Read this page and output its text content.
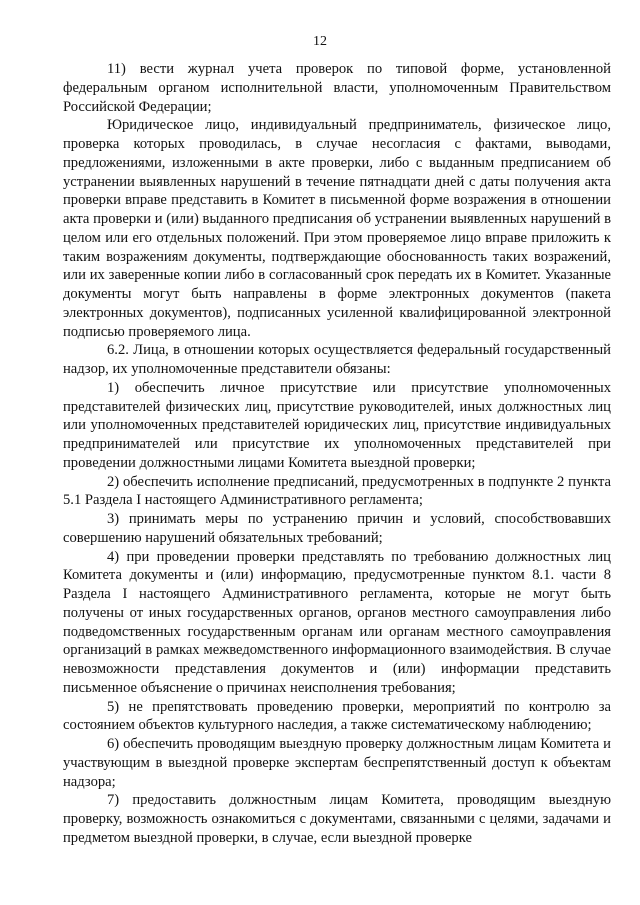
12

11) вести журнал учета проверок по типовой форме, установленной федеральным органом исполнительной власти, уполномоченным Правительством Российской Федерации;

Юридическое лицо, индивидуальный предприниматель, физическое лицо, проверка которых проводилась, в случае несогласия с фактами, выводами, предложениями, изложенными в акте проверки, либо с выданным предписанием об устранении выявленных нарушений в течение пятнадцати дней с даты получения акта проверки вправе представить в Комитет в письменной форме возражения в отношении акта проверки и (или) выданного предписания об устранении выявленных нарушений в целом или его отдельных положений. При этом проверяемое лицо вправе приложить к таким возражениям документы, подтверждающие обоснованность таких возражений, или их заверенные копии либо в согласованный срок передать их в Комитет. Указанные документы могут быть направлены в форме электронных документов (пакета электронных документов), подписанных усиленной квалифицированной электронной подписью проверяемого лица.

6.2. Лица, в отношении которых осуществляется федеральный государственный надзор, их уполномоченные представители обязаны:

1) обеспечить личное присутствие или присутствие уполномоченных представителей физических лиц, присутствие руководителей, иных должностных лиц или уполномоченных представителей юридических лиц, присутствие индивидуальных предпринимателей или присутствие их уполномоченных представителей при проведении должностными лицами Комитета выездной проверки;

2) обеспечить исполнение предписаний, предусмотренных в подпункте 2 пункта 5.1 Раздела I настоящего Административного регламента;

3) принимать меры по устранению причин и условий, способствовавших совершению нарушений обязательных требований;

4) при проведении проверки представлять по требованию должностных лиц Комитета документы и (или) информацию, предусмотренные пунктом 8.1. части 8 Раздела I настоящего Административного регламента, которые не могут быть получены от иных государственных органов, органов местного самоуправления либо подведомственных государственным органам или органам местного самоуправления организаций в рамках межведомственного информационного взаимодействия. В случае невозможности представления документов и (или) информации представить письменное объяснение о причинах неисполнения требования;

5) не препятствовать проведению проверки, мероприятий по контролю за состоянием объектов культурного наследия, а также систематическому наблюдению;

6) обеспечить проводящим выездную проверку должностным лицам Комитета и участвующим в выездной проверке экспертам беспрепятственный доступ к объектам надзора;

7) предоставить должностным лицам Комитета, проводящим выездную проверку, возможность ознакомиться с документами, связанными с целями, задачами и предметом выездной проверки, в случае, если выездной проверке
